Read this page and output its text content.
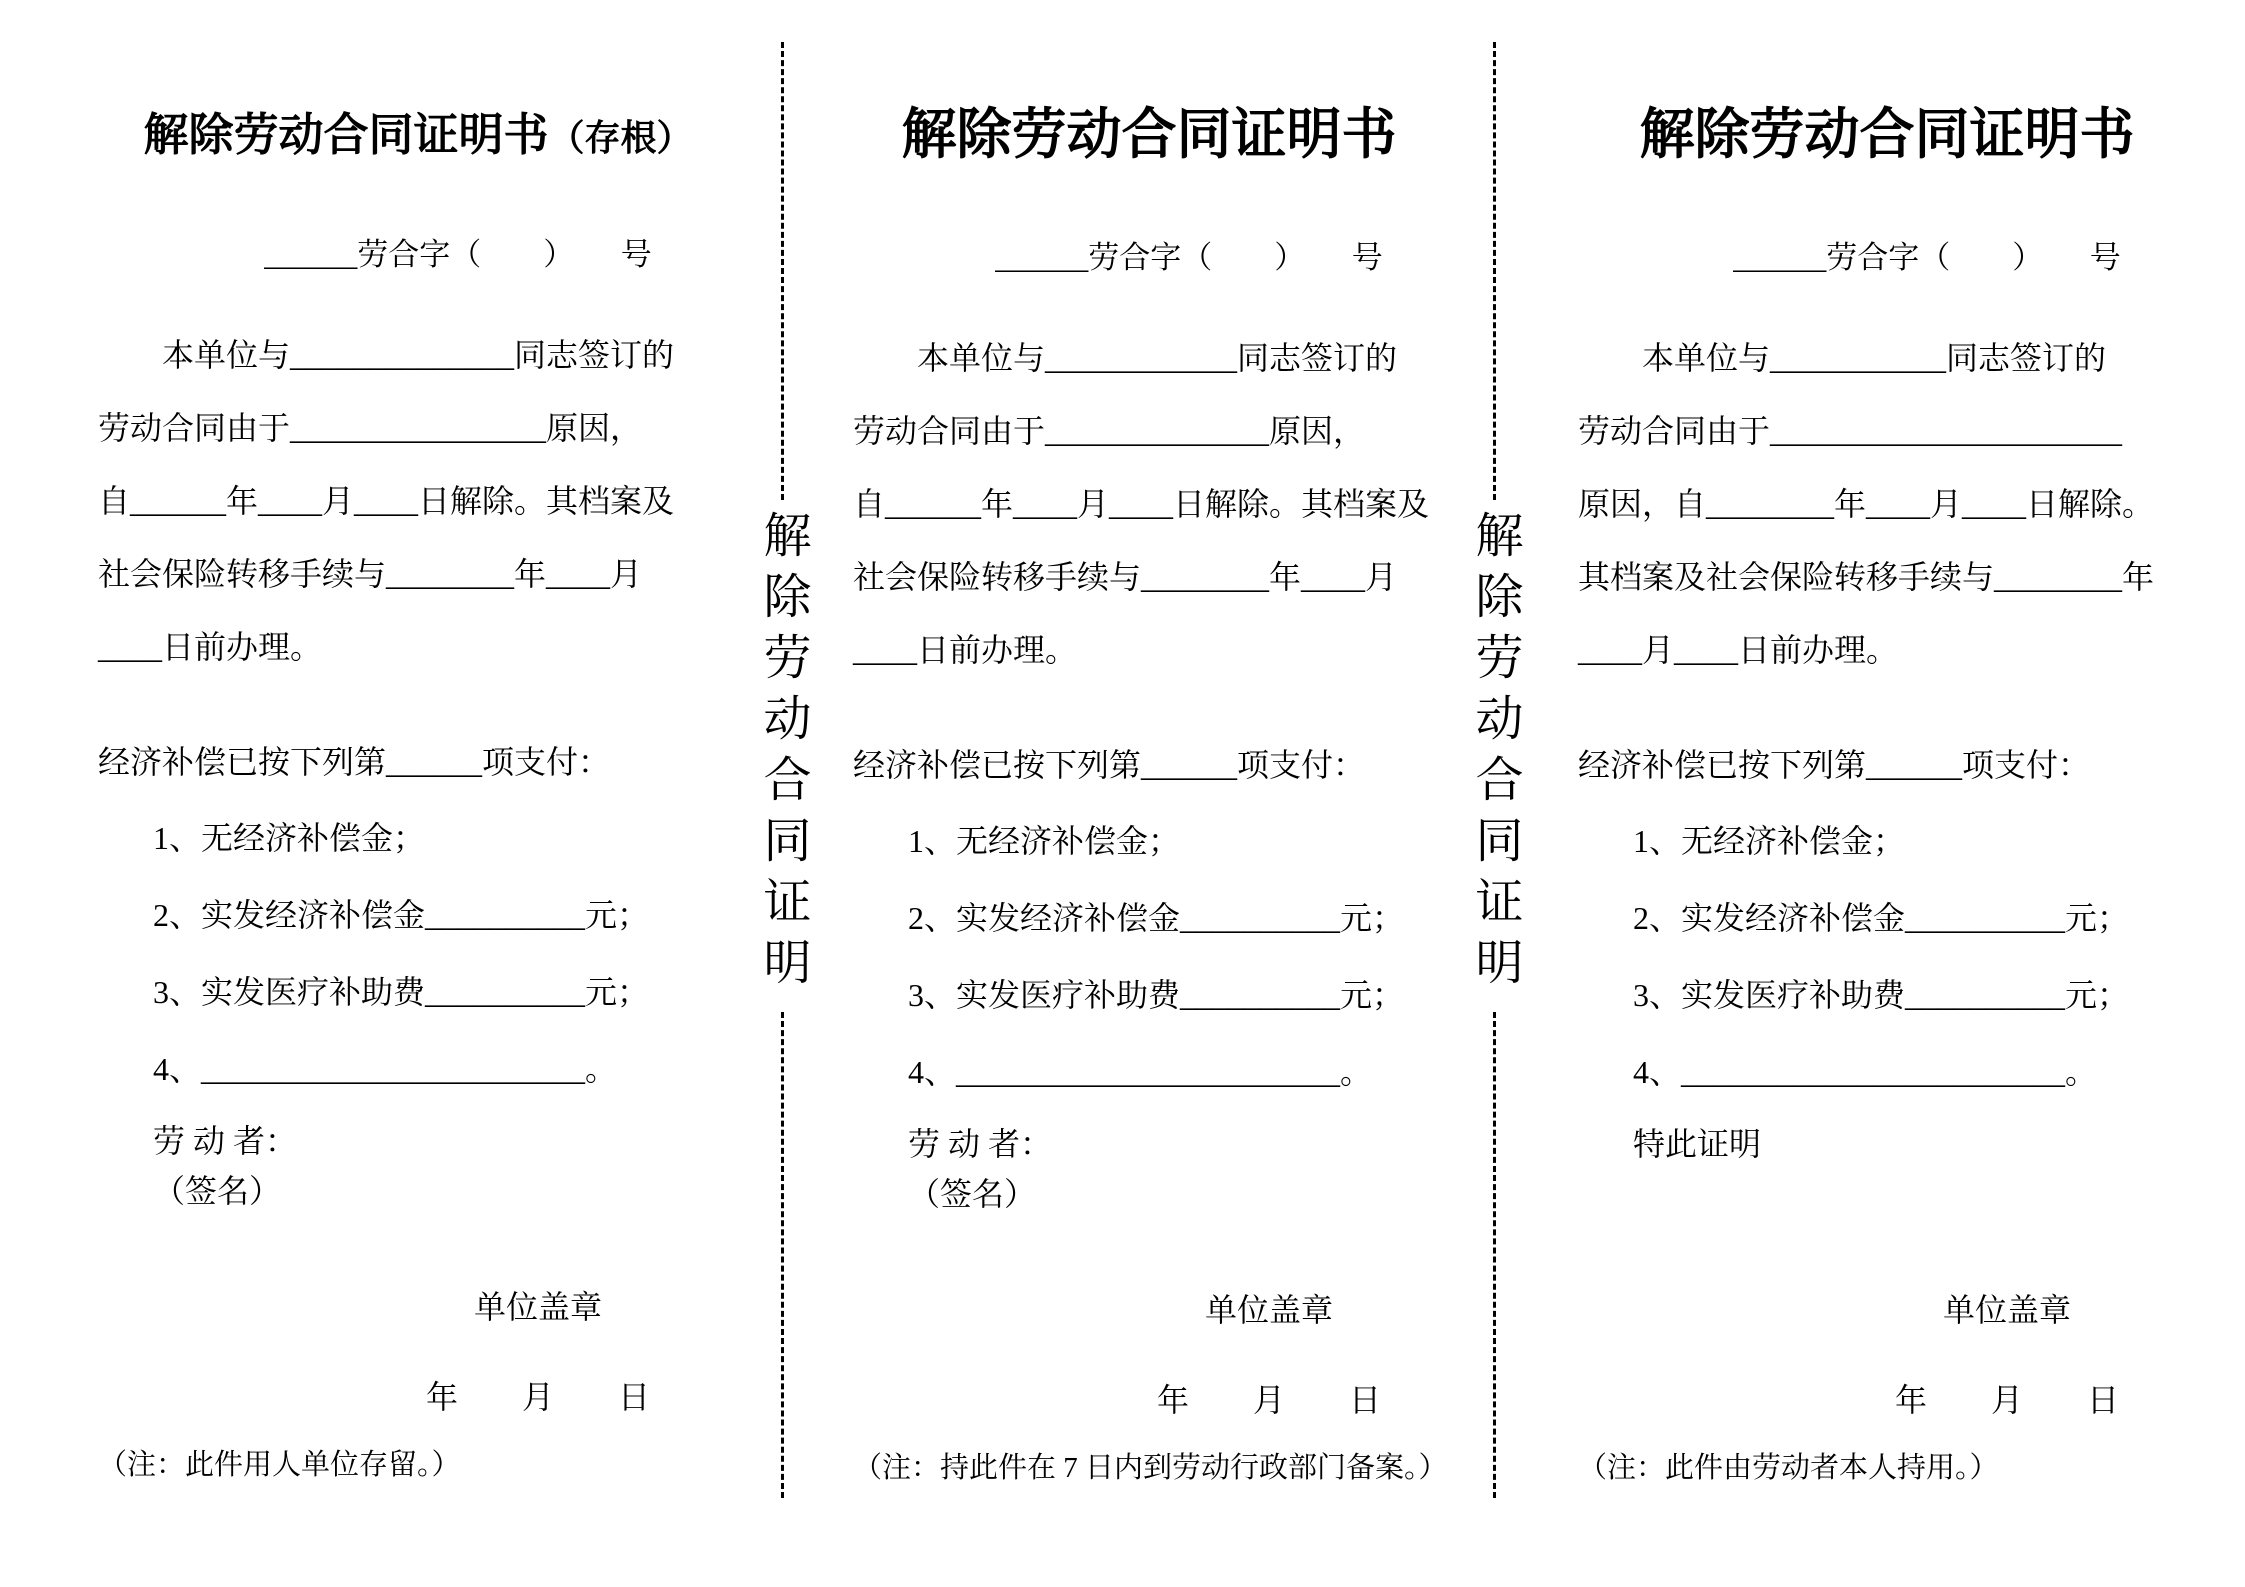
解除劳动合同证明书（存根）
______劳合字（　　）　　号
本单位与______________同志签订的
劳动合同由于________________原因，
自______年____月____日解除。其档案及
社会保险转移手续与________年____月
____日前办理。
经济补偿已按下列第______项支付：
1、无经济补偿金；
2、实发经济补偿金__________元；
3、实发医疗补助费__________元；
4、________________________。
劳 动 者：
（签名）
单位盖章
年　　月　　日
（注：此件用人单位存留。）
解除劳动合同证明
解除劳动合同证明书
______劳合字（　　）　　号
本单位与____________同志签订的
劳动合同由于______________原因，
自______年____月____日解除。其档案及
社会保险转移手续与________年____月
____日前办理。
经济补偿已按下列第______项支付：
1、无经济补偿金；
2、实发经济补偿金__________元；
3、实发医疗补助费__________元；
4、________________________。
劳 动 者：
（签名）
单位盖章
年　　月　　日
（注：持此件在 7 日内到劳动行政部门备案。）
解除劳动合同证明
解除劳动合同证明书
______劳合字（　　）　　号
本单位与___________同志签订的
劳动合同由于______________________
原因，自________年____月____日解除。
其档案及社会保险转移手续与________年
____月____日前办理。
经济补偿已按下列第______项支付：
1、无经济补偿金；
2、实发经济补偿金__________元；
3、实发医疗补助费__________元；
4、________________________。
特此证明
单位盖章
年　　月　　日
（注：此件由劳动者本人持用。）
